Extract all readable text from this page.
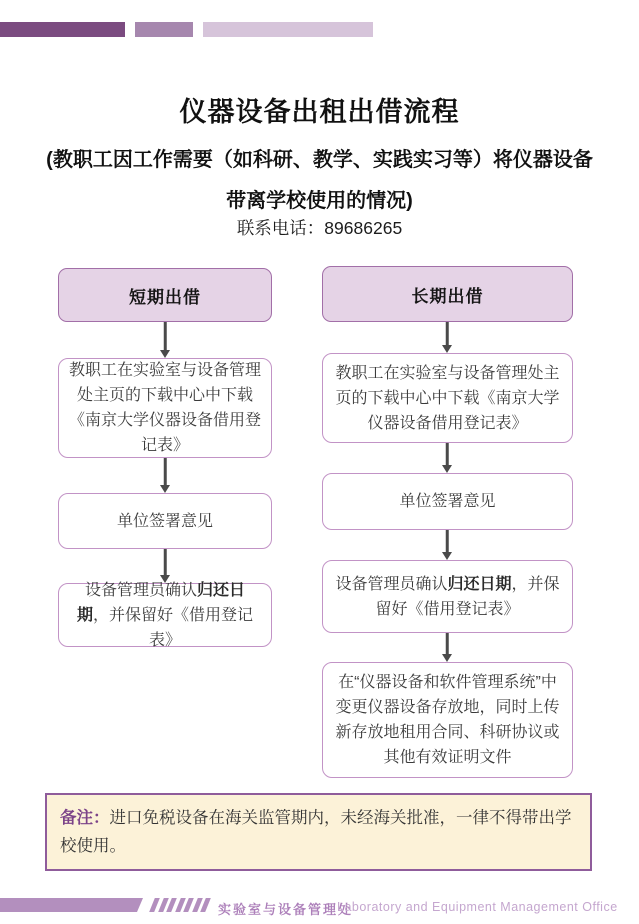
仪器设备出租出借流程
(教职工因工作需要（如科研、教学、实践实习等）将仪器设备
带离学校使用的情况)
联系电话：89686265
短期出借
教职工在实验室与设备管理处主页的下载中心中下载《南京大学仪器设备借用登记表》
单位签署意见
设备管理员确认归还日期，并保留好《借用登记表》
长期出借
教职工在实验室与设备管理处主页的下载中心中下载《南京大学仪器设备借用登记表》
单位签署意见
设备管理员确认归还日期，并保留好《借用登记表》
在“仪器设备和软件管理系统”中变更仪器设备存放地，同时上传新存放地租用合同、科研协议或其他有效证明文件
备注：进口免税设备在海关监管期内，未经海关批准，一律不得带出学校使用。
实验室与设备管理处
Laboratory and Equipment Management Office
